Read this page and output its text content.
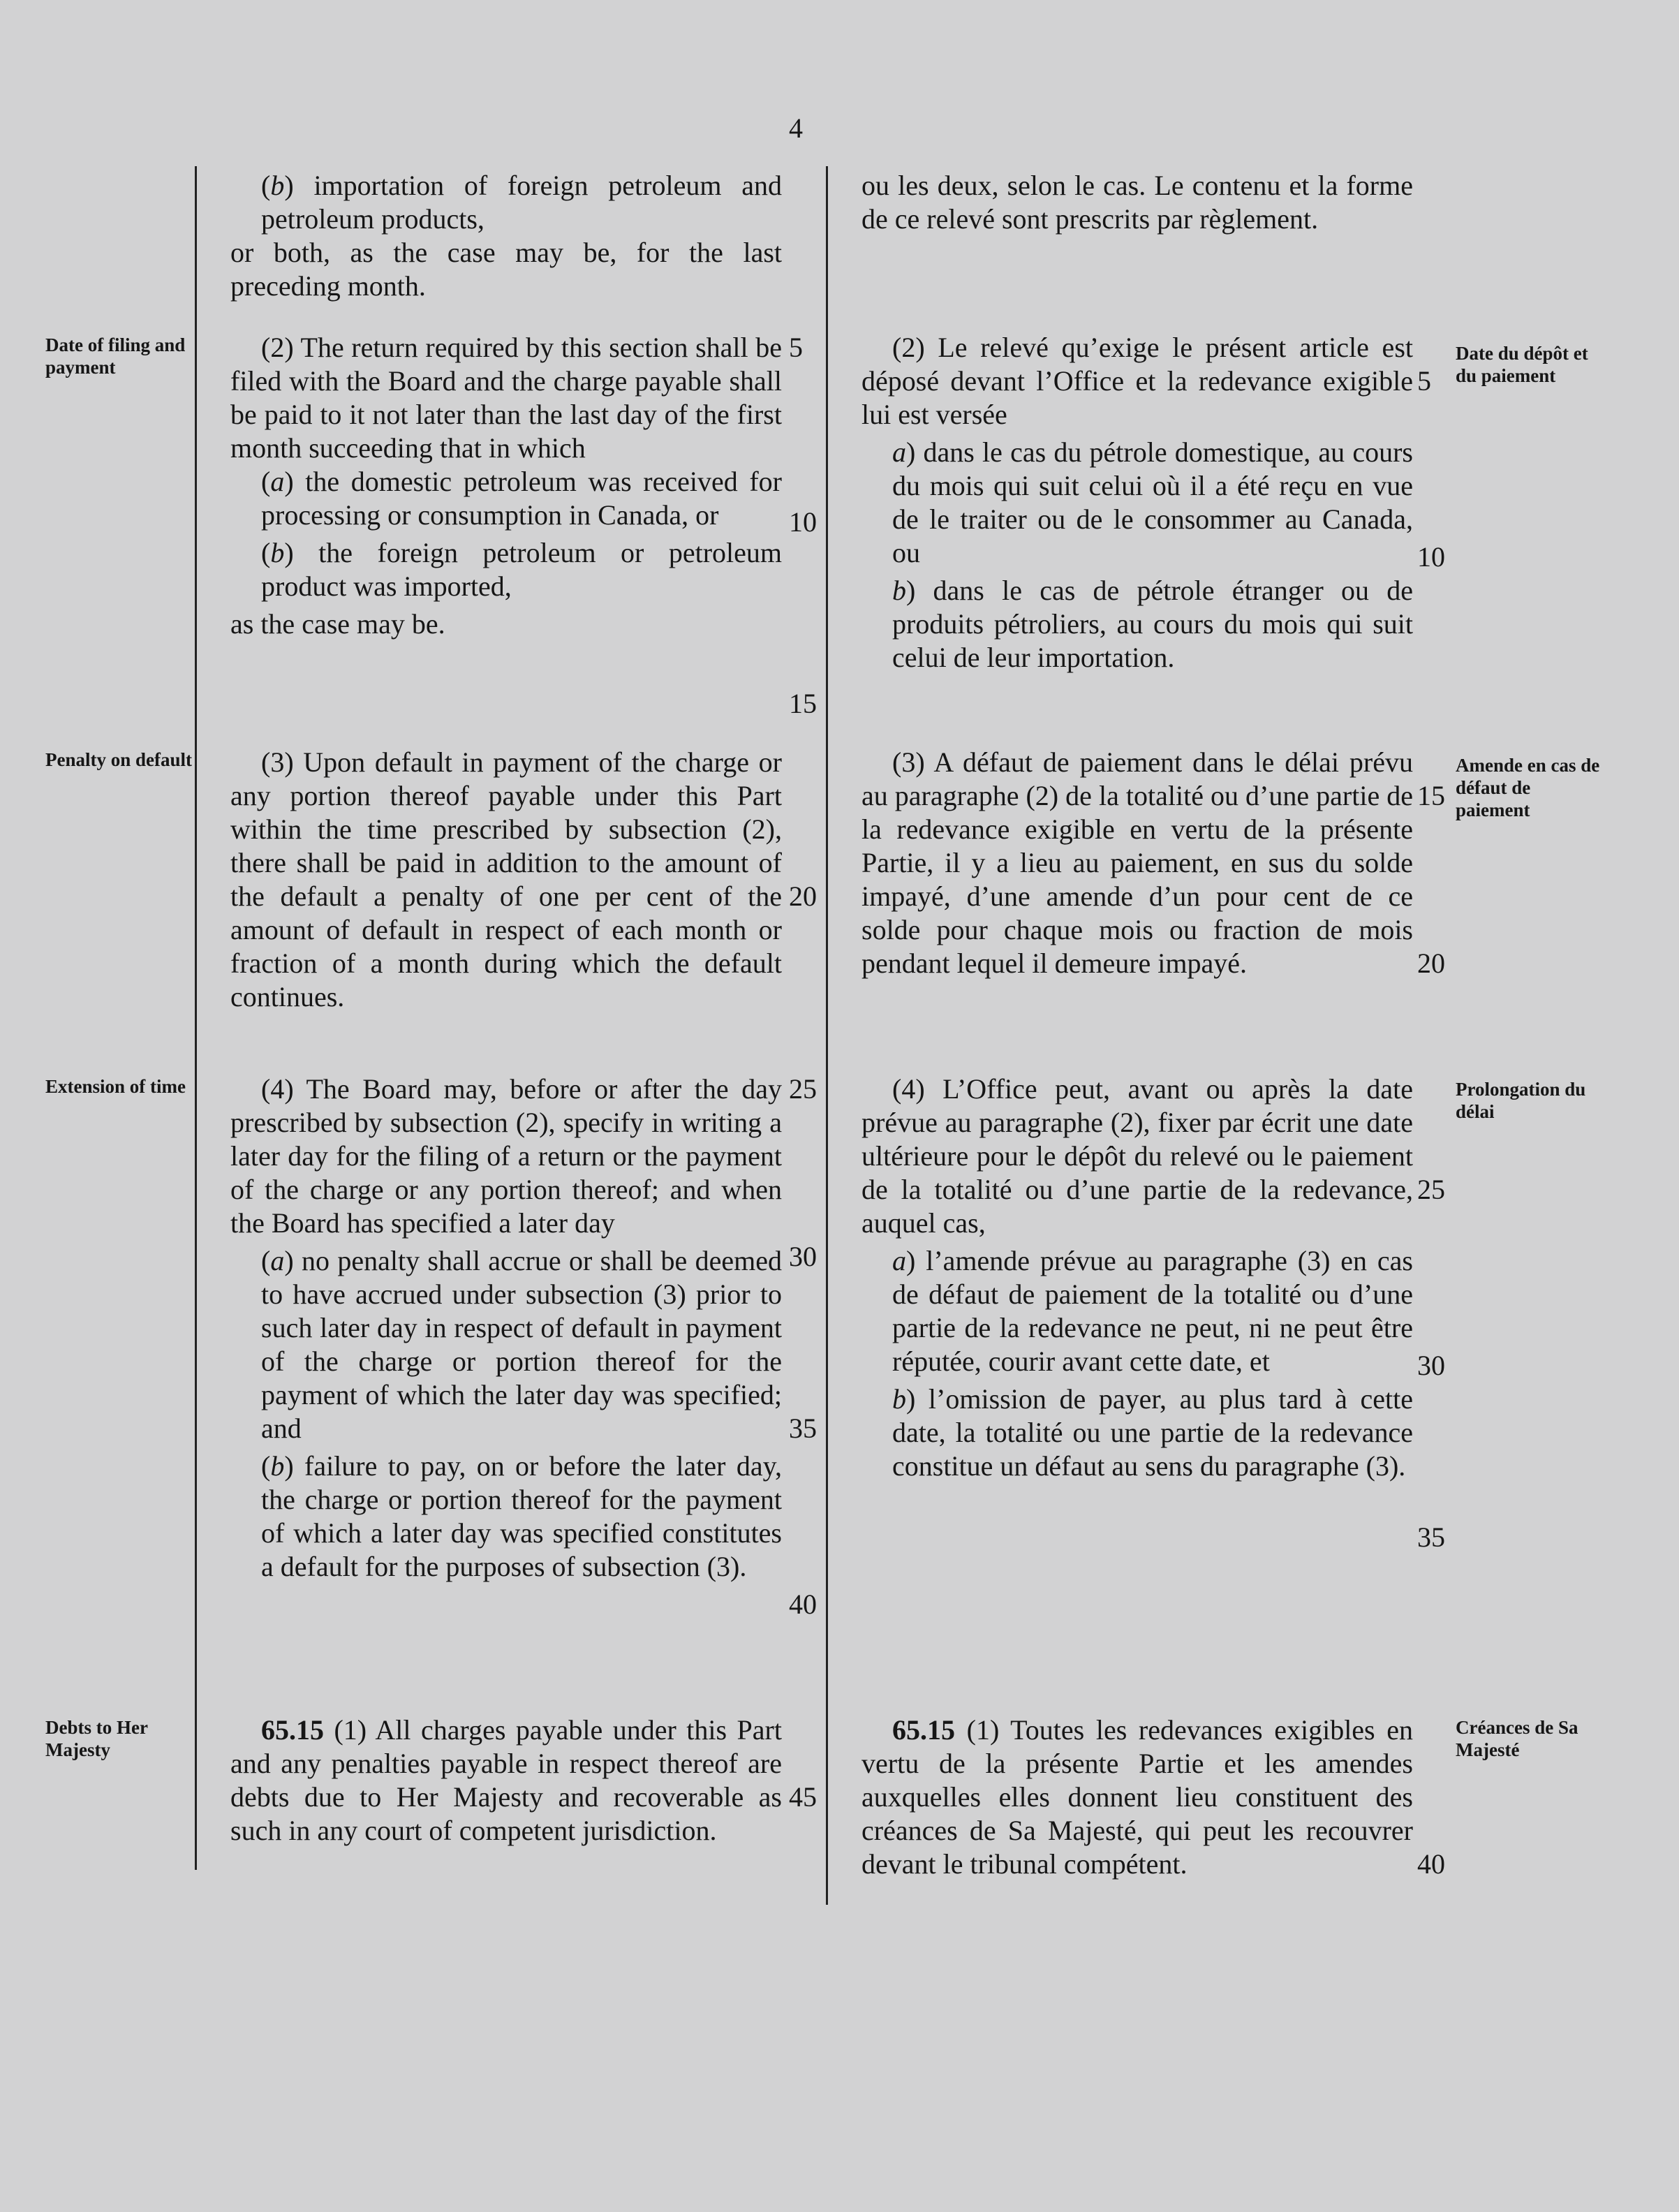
4

(b) importation of foreign petroleum and petroleum products,

or both, as the case may be, for the last preceding month.

(2) The return required by this section shall be filed with the Board and the charge payable shall be paid to it not later than the last day of the first month succeeding that in which

(a) the domestic petroleum was received for processing or consumption in Canada, or

(b) the foreign petroleum or petroleum product was imported,

as the case may be.

(3) Upon default in payment of the charge or any portion thereof payable under this Part within the time prescribed by subsection (2), there shall be paid in addition to the amount of the default a penalty of one per cent of the amount of default in respect of each month or fraction of a month during which the default continues.

(4) The Board may, before or after the day prescribed by subsection (2), specify in writing a later day for the filing of a return or the payment of the charge or any portion thereof; and when the Board has specified a later day

(a) no penalty shall accrue or shall be deemed to have accrued under subsection (3) prior to such later day in respect of default in payment of the charge or portion thereof for the payment of which the later day was specified; and

(b) failure to pay, on or before the later day, the charge or portion thereof for the payment of which a later day was specified constitutes a default for the purposes of subsection (3).

65.15 (1) All charges payable under this Part and any penalties payable in respect thereof are debts due to Her Majesty and recoverable as such in any court of competent jurisdiction.

ou les deux, selon le cas. Le contenu et la forme de ce relevé sont prescrits par règlement.

(2) Le relevé qu’exige le présent article est déposé devant l’Office et la redevance exigible lui est versée

a) dans le cas du pétrole domestique, au cours du mois qui suit celui où il a été reçu en vue de le traiter ou de le consommer au Canada, ou

b) dans le cas de pétrole étranger ou de produits pétroliers, au cours du mois qui suit celui de leur importation.

(3) A défaut de paiement dans le délai prévu au paragraphe (2) de la totalité ou d’une partie de la redevance exigible en vertu de la présente Partie, il y a lieu au paiement, en sus du solde impayé, d’une amende d’un pour cent de ce solde pour chaque mois ou fraction de mois pendant lequel il demeure impayé.

(4) L’Office peut, avant ou après la date prévue au paragraphe (2), fixer par écrit une date ultérieure pour le dépôt du relevé ou le paiement de la totalité ou d’une partie de la redevance, auquel cas,

a) l’amende prévue au paragraphe (3) en cas de défaut de paiement de la totalité ou d’une partie de la redevance ne peut, ni ne peut être réputée, courir avant cette date, et

b) l’omission de payer, au plus tard à cette date, la totalité ou une partie de la redevance constitue un défaut au sens du paragraphe (3).

65.15 (1) Toutes les redevances exigibles en vertu de la présente Partie et les amendes auxquelles elles donnent lieu constituent des créances de Sa Majesté, qui peut les recouvrer devant le tribunal compétent.

Date of filing and payment
Penalty on default
Extension of time
Debts to Her Majesty
Date du dépôt et du paiement
Amende en cas de défaut de paiement
Prolongation du délai
Créances de Sa Majesté
5
10
15
20
25
30
35
40
45
5
10
15
20
25
30
35
40
